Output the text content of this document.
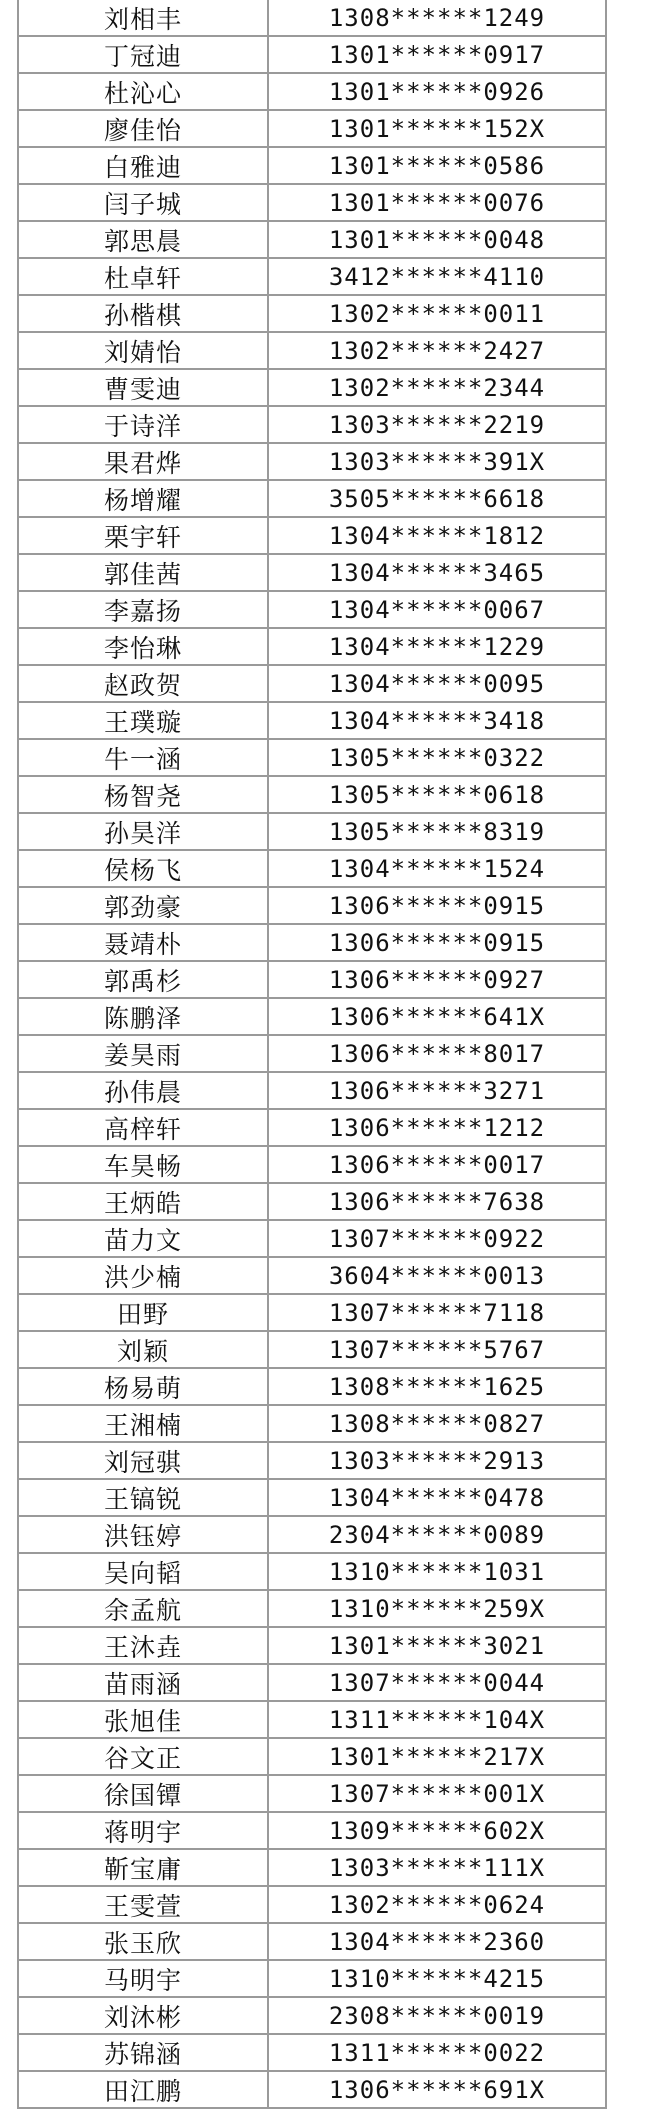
刘相丰	1308******1249
丁冠迪	1301******0917
杜沁心	1301******0926
廖佳怡	1301******152X
白雅迪	1301******0586
闫子城	1301******0076
郭思晨	1301******0048
杜卓轩	3412******4110
孙楷棋	1302******0011
刘婧怡	1302******2427
曹雯迪	1302******2344
于诗洋	1303******2219
果君烨	1303******391X
杨增耀	3505******6618
栗宇轩	1304******1812
郭佳茜	1304******3465
李嘉扬	1304******0067
李怡琳	1304******1229
赵政贺	1304******0095
王璞璇	1304******3418
牛一涵	1305******0322
杨智尧	1305******0618
孙昊洋	1305******8319
侯杨飞	1304******1524
郭劲豪	1306******0915
聂靖朴	1306******0915
郭禹杉	1306******0927
陈鹏泽	1306******641X
姜昊雨	1306******8017
孙伟晨	1306******3271
高梓轩	1306******1212
车昊畅	1306******0017
王炳皓	1306******7638
苗力文	1307******0922
洪少楠	3604******0013
田野	1307******7118
刘颖	1307******5767
杨易萌	1308******1625
王湘楠	1308******0827
刘冠骐	1303******2913
王镐锐	1304******0478
洪钰婷	2304******0089
吴向韬	1310******1031
余孟航	1310******259X
王沐垚	1301******3021
苗雨涵	1307******0044
张旭佳	1311******104X
谷文正	1301******217X
徐国镡	1307******001X
蒋明宇	1309******602X
靳宝庸	1303******111X
王雯萱	1302******0624
张玉欣	1304******2360
马明宇	1310******4215
刘沐彬	2308******0019
苏锦涵	1311******0022
田江鹏	1306******691X
